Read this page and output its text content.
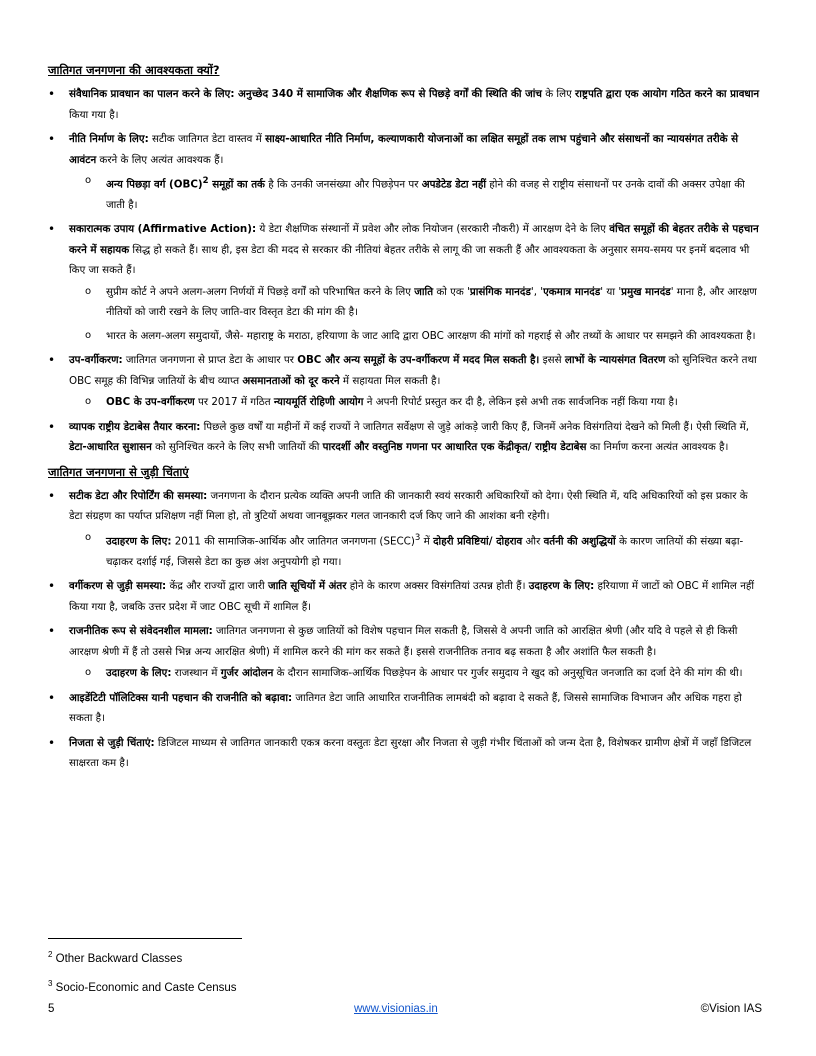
जातिगत जनगणना की आवश्यकता क्यों?
• संवैधानिक प्रावधान का पालन करने के लिए: अनुच्छेद 340 में सामाजिक और शैक्षणिक रूप से पिछड़े वर्गों की स्थिति की जांच के लिए राष्ट्रपति द्वारा एक आयोग गठित करने का प्रावधान किया गया है।
• नीति निर्माण के लिए: सटीक जातिगत डेटा वास्तव में साक्ष्य-आधारित नीति निर्माण, कल्याणकारी योजनाओं का लक्षित समूहों तक लाभ पहुंचाने और संसाधनों का न्यायसंगत तरीके से आवंटन करने के लिए अत्यंत आवश्यक हैं।
o अन्य पिछड़ा वर्ग (OBC)$^2$ समूहों का तर्क है कि उनकी जनसंख्या और पिछड़ेपन पर अपडेटेड डेटा नहीं होने की वजह से राष्ट्रीय संसाधनों पर उनके दावों की अक्सर उपेक्षा की जाती है।
• सकारात्मक उपाय (Affirmative Action): ये डेटा शैक्षणिक संस्थानों में प्रवेश और लोक नियोजन (सरकारी नौकरी) में आरक्षण देने के लिए वंचित समूहों की बेहतर तरीके से पहचान करने में सहायक सिद्ध हो सकते हैं। साथ ही, इस डेटा की मदद से सरकार की नीतियां बेहतर तरीके से लागू की जा सकती हैं और आवश्यकता के अनुसार समय-समय पर इनमें बदलाव भी किए जा सकते हैं।
o सुप्रीम कोर्ट ने अपने अलग-अलग निर्णयों में पिछड़े वर्गों को परिभाषित करने के लिए जाति को एक 'प्रासंगिक मानदंड', 'एकमात्र मानदंड' या 'प्रमुख मानदंड' माना है, और आरक्षण नीतियों को जारी रखने के लिए जाति-वार विस्तृत डेटा की मांग की है।
o भारत के अलग-अलग समुदायों, जैसे- महाराष्ट्र के मराठा, हरियाणा के जाट आदि द्वारा OBC आरक्षण की मांगों को गहराई से और तथ्यों के आधार पर समझने की आवश्यकता है।
• उप-वर्गीकरण: जातिगत जनगणना से प्राप्त डेटा के आधार पर OBC और अन्य समूहों के उप-वर्गीकरण में मदद मिल सकती है। इससे लाभों के न्यायसंगत वितरण को सुनिश्चित करने तथा OBC समूह की विभिन्न जातियों के बीच व्याप्त असमानताओं को दूर करने में सहायता मिल सकती है।
o OBC के उप-वर्गीकरण पर 2017 में गठित न्यायमूर्ति रोहिणी आयोग ने अपनी रिपोर्ट प्रस्तुत कर दी है, लेकिन इसे अभी तक सार्वजनिक नहीं किया गया है।
• व्यापक राष्ट्रीय डेटाबेस तैयार करना: पिछले कुछ वर्षों या महीनों में कई राज्यों ने जातिगत सर्वेक्षण से जुड़े आंकड़े जारी किए हैं, जिनमें अनेक विसंगतियां देखने को मिली हैं। ऐसी स्थिति में, डेटा-आधारित सुशासन को सुनिश्चित करने के लिए सभी जातियों की पारदर्शी और वस्तुनिष्ठ गणना पर आधारित एक केंद्रीकृत/ राष्ट्रीय डेटाबेस का निर्माण करना अत्यंत आवश्यक है।
जातिगत जनगणना से जुड़ी चिंताएं
• सटीक डेटा और रिपोर्टिंग की समस्या: जनगणना के दौरान प्रत्येक व्यक्ति अपनी जाति की जानकारी स्वयं सरकारी अधिकारियों को देगा। ऐसी स्थिति में, यदि अधिकारियों को इस प्रकार के डेटा संग्रहण का पर्याप्त प्रशिक्षण नहीं मिला हो, तो त्रुटियों अथवा जानबूझकर गलत जानकारी दर्ज किए जाने की आशंका बनी रहेगी।
o उदाहरण के लिए: 2011 की सामाजिक-आर्थिक और जातिगत जनगणना (SECC)$^3$ में दोहरी प्रविष्टियां/ दोहराव और वर्तनी की अशुद्धियों के कारण जातियों की संख्या बढ़ा-चढ़ाकर दर्शाई गई, जिससे डेटा का कुछ अंश अनुपयोगी हो गया।
• वर्गीकरण से जुड़ी समस्या: केंद्र और राज्यों द्वारा जारी जाति सूचियों में अंतर होने के कारण अक्सर विसंगतियां उत्पन्न होती हैं। उदाहरण के लिए: हरियाणा में जाटों को OBC में शामिल नहीं किया गया है, जबकि उत्तर प्रदेश में जाट OBC सूची में शामिल हैं।
• राजनीतिक रूप से संवेदनशील मामला: जातिगत जनगणना से कुछ जातियों को विशेष पहचान मिल सकती है, जिससे वे अपनी जाति को आरक्षित श्रेणी (और यदि वे पहले से ही किसी आरक्षण श्रेणी में हैं तो उससे भिन्न अन्य आरक्षित श्रेणी) में शामिल करने की मांग कर सकते हैं। इससे राजनीतिक तनाव बढ़ सकता है और अशांति फैल सकती है।
o उदाहरण के लिए: राजस्थान में गुर्जर आंदोलन के दौरान सामाजिक-आर्थिक पिछड़ेपन के आधार पर गुर्जर समुदाय ने खुद को अनुसूचित जनजाति का दर्जा देने की मांग की थी।
• आइडेंटिटी पॉलिटिक्स यानी पहचान की राजनीति को बढ़ावा: जातिगत डेटा जाति आधारित राजनीतिक लामबंदी को बढ़ावा दे सकते हैं, जिससे सामाजिक विभाजन और अधिक गहरा हो सकता है।
• निजता से जुड़ी चिंताएं: डिजिटल माध्यम से जातिगत जानकारी एकत्र करना वस्तुतः डेटा सुरक्षा और निजता से जुड़ी गंभीर चिंताओं को जन्म देता है, विशेषकर ग्रामीण क्षेत्रों में जहाँ डिजिटल साक्षरता कम है।
$^2$ Other Backward Classes
$^3$ Socio-Economic and Caste Census
5	www.visionias.in	©Vision IAS
